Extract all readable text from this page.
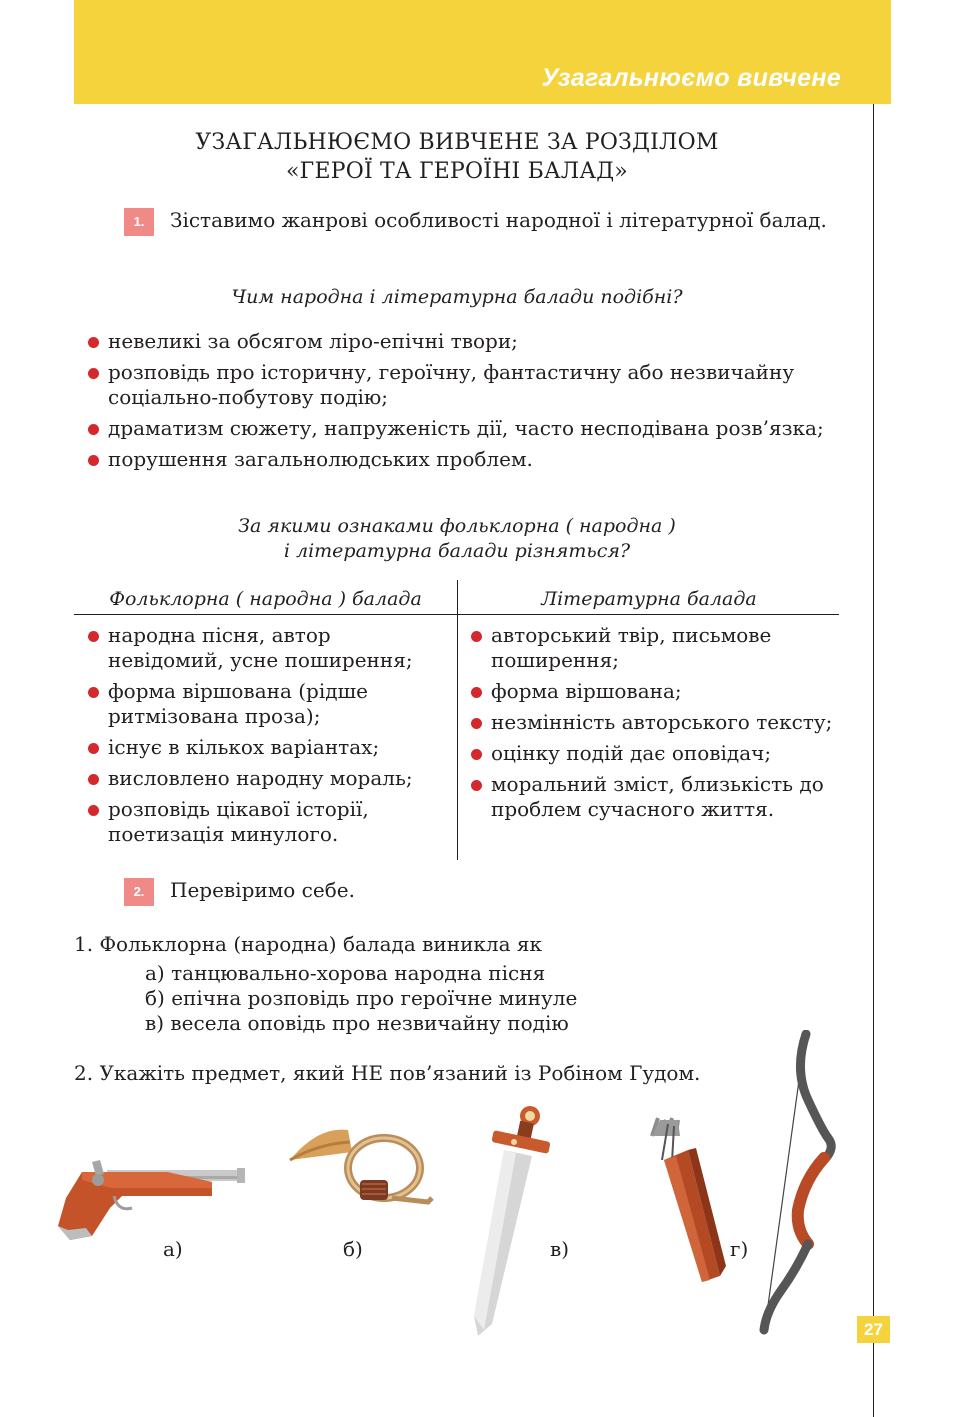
Узагальнюємо вивчене
27
УЗАГАЛЬНЮЄМО ВИВЧЕНЕ ЗА РОЗДІЛОМ
«ГЕРОЇ ТА ГЕРОЇНІ БАЛАД»
1.	Зіставимо жанрові особливості народної і літературної балад.
Чим народна і літературна балади подібні?
невеликі за обсягом ліро-епічні твори;
розповідь про історичну, героїчну, фантастичну або незвичайну соціально-побутову подію;
драматизм сюжету, напруженість дії, часто несподівана розв’язка;
порушення загальнолюдських проблем.
За якими ознаками фольклорна ( народна )
і літературна балади різняться?
Фольклорна ( народна ) балада	Літературна балада
народна пісня, автор невідомий, усне поширення;
форма віршована (рідше ритмізована проза);
існує в кількох варіантах;
висловлено народну мораль;
розповідь цікавої історії, поетизація минулого.
авторський твір, письмове поширення;
форма віршована;
незмінність авторського тексту;
оцінку подій дає оповідач;
моральний зміст, близькість до проблем сучасного життя.
2.	Перевіримо себе.
1. Фольклорна (народна) балада виникла як
а) танцювально-хорова народна пісня
б) епічна розповідь про героїчне минуле
в) весела оповідь про незвичайну подію
2. Укажіть предмет, який НЕ пов’язаний із Робіном Гудом.
а)	б)	в)	г)
